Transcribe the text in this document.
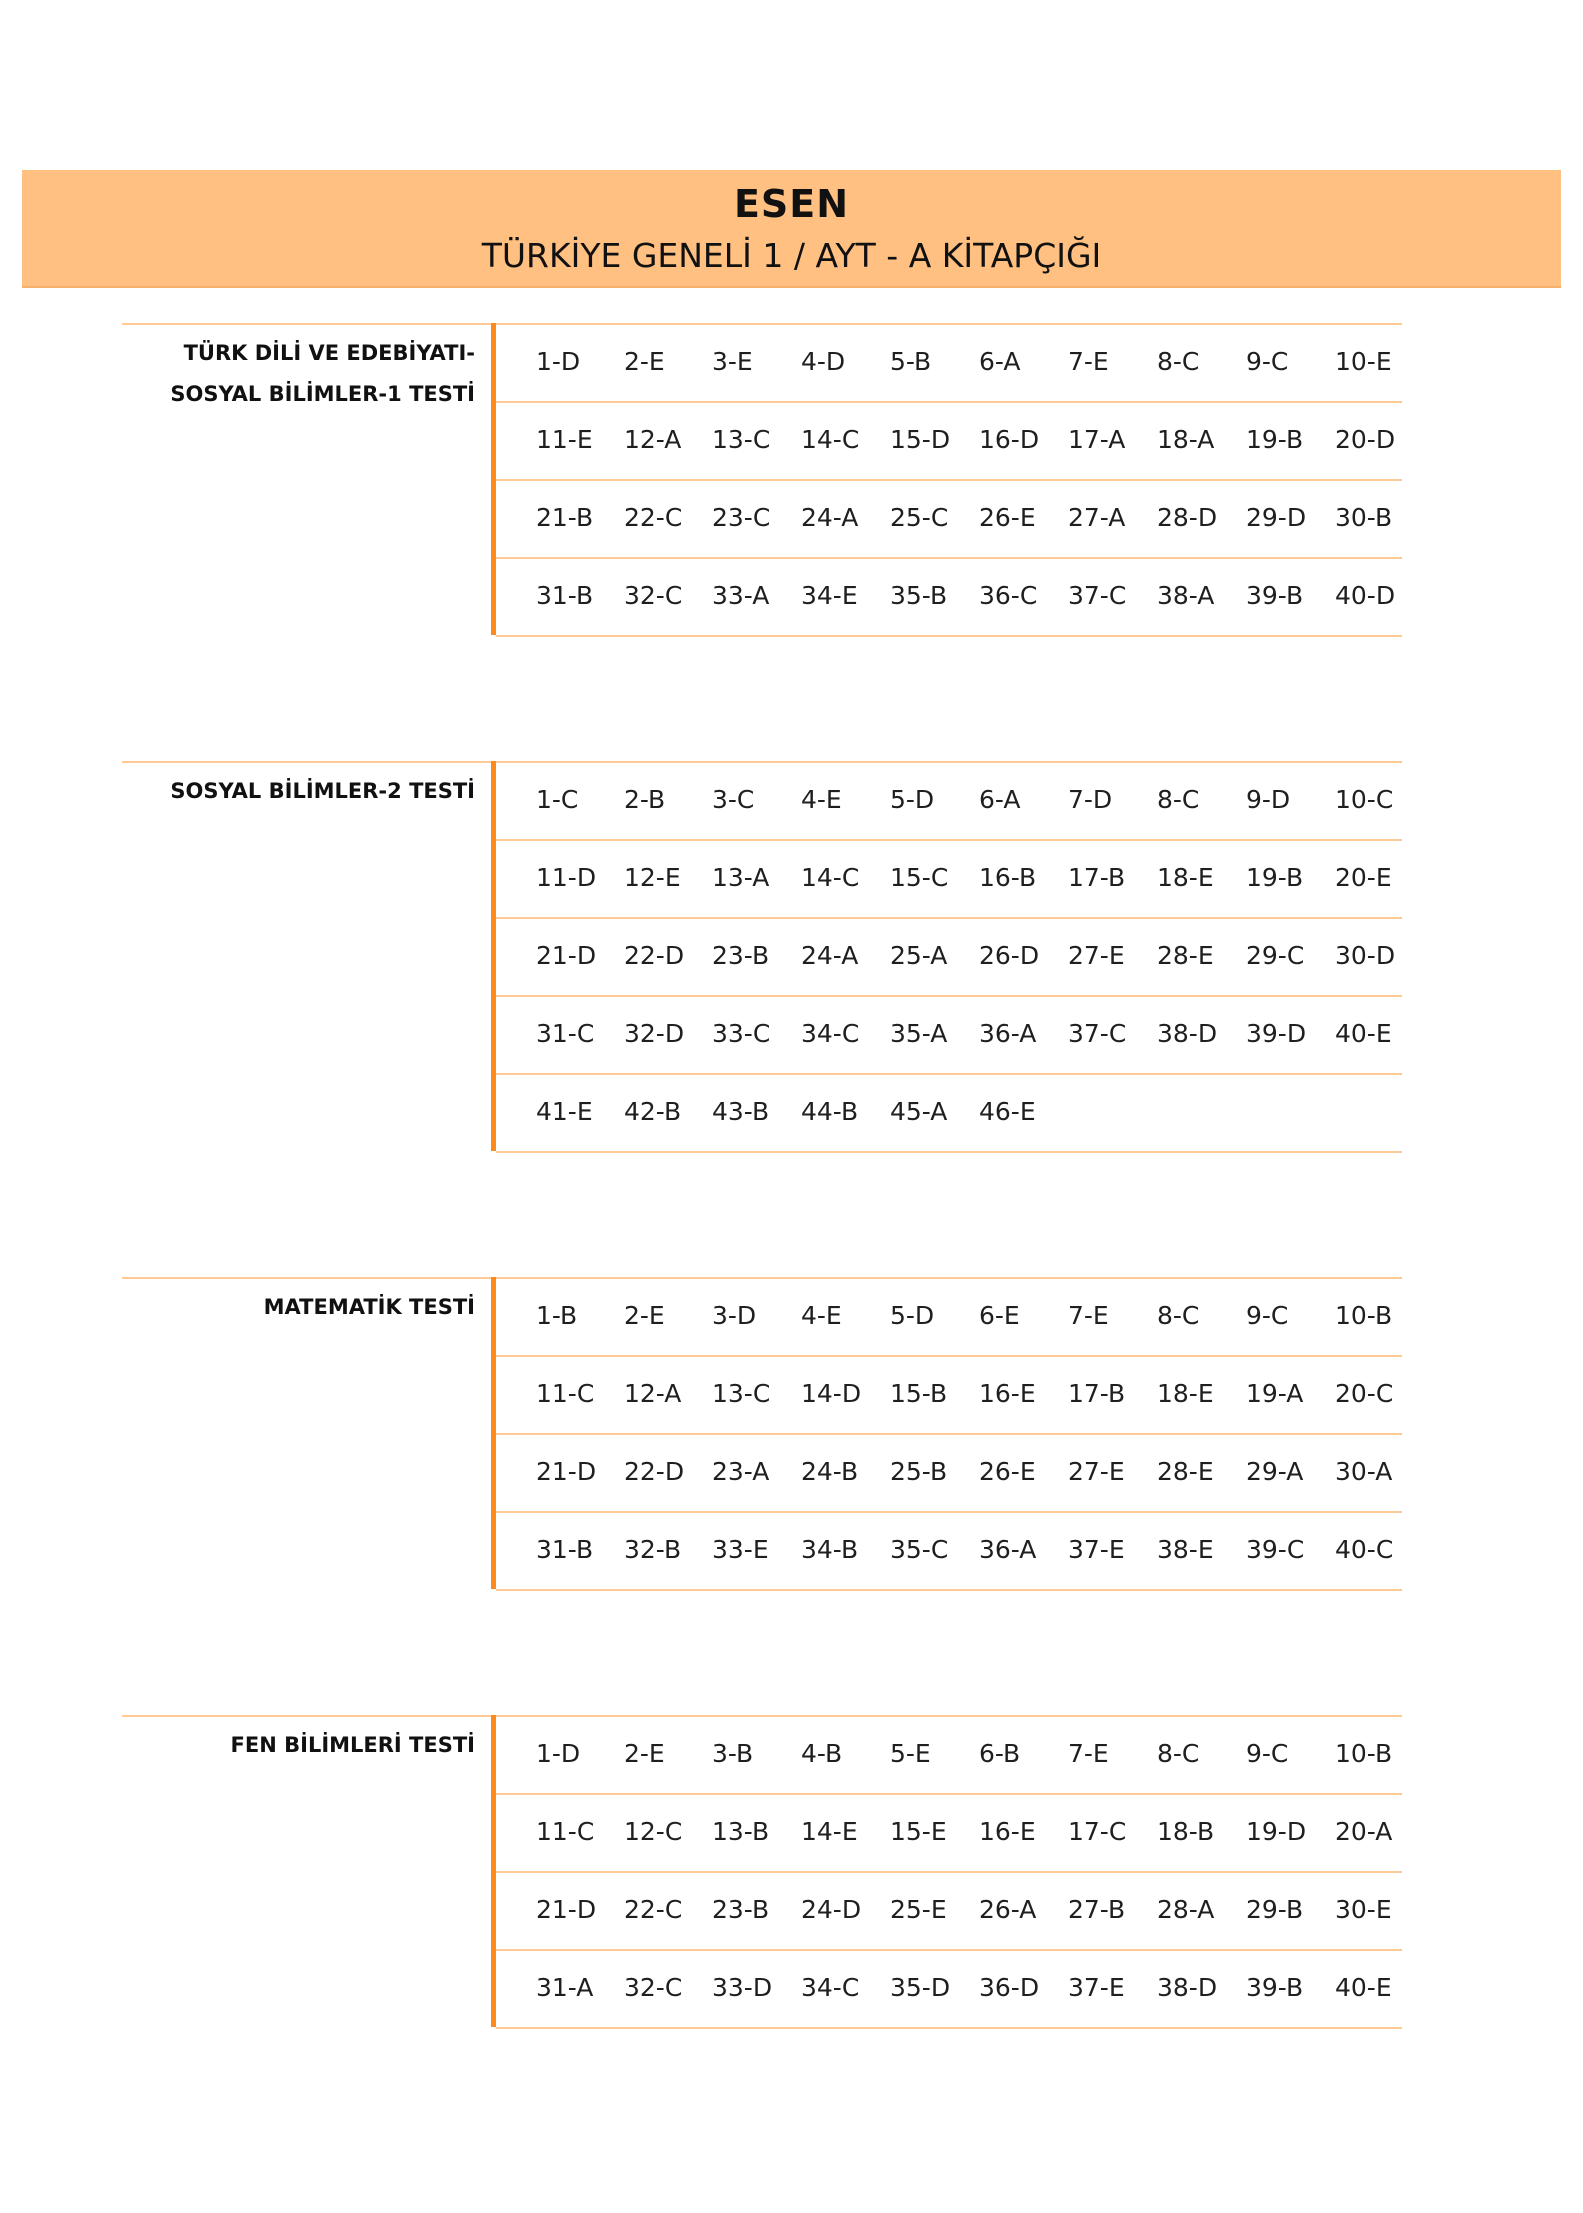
ESEN
TÜRKİYE GENELİ 1 / AYT - A KİTAPÇIĞI
TÜRK DİLİ VE EDEBİYATI-
SOSYAL BİLİMLER-1 TESTİ
1-D 2-E 3-E 4-D 5-B 6-A 7-E 8-C 9-C 10-E
11-E 12-A 13-C 14-C 15-D 16-D 17-A 18-A 19-B 20-D
21-B 22-C 23-C 24-A 25-C 26-E 27-A 28-D 29-D 30-B
31-B 32-C 33-A 34-E 35-B 36-C 37-C 38-A 39-B 40-D
SOSYAL BİLİMLER-2 TESTİ 1-C 2-B 3-C 4-E 5-D 6-A 7-D 8-C 9-D 10-C
11-D 12-E 13-A 14-C 15-C 16-B 17-B 18-E 19-B 20-E
21-D 22-D 23-B 24-A 25-A 26-D 27-E 28-E 29-C 30-D
31-C 32-D 33-C 34-C 35-A 36-A 37-C 38-D 39-D 40-E
41-E 42-B 43-B 44-B 45-A 46-E
MATEMATİK TESTİ 1-B 2-E 3-D 4-E 5-D 6-E 7-E 8-C 9-C 10-B
11-C 12-A 13-C 14-D 15-B 16-E 17-B 18-E 19-A 20-C
21-D 22-D 23-A 24-B 25-B 26-E 27-E 28-E 29-A 30-A
31-B 32-B 33-E 34-B 35-C 36-A 37-E 38-E 39-C 40-C
FEN BİLİMLERİ TESTİ 1-D 2-E 3-B 4-B 5-E 6-B 7-E 8-C 9-C 10-B
11-C 12-C 13-B 14-E 15-E 16-E 17-C 18-B 19-D 20-A
21-D 22-C 23-B 24-D 25-E 26-A 27-B 28-A 29-B 30-E
31-A 32-C 33-D 34-C 35-D 36-D 37-E 38-D 39-B 40-E
